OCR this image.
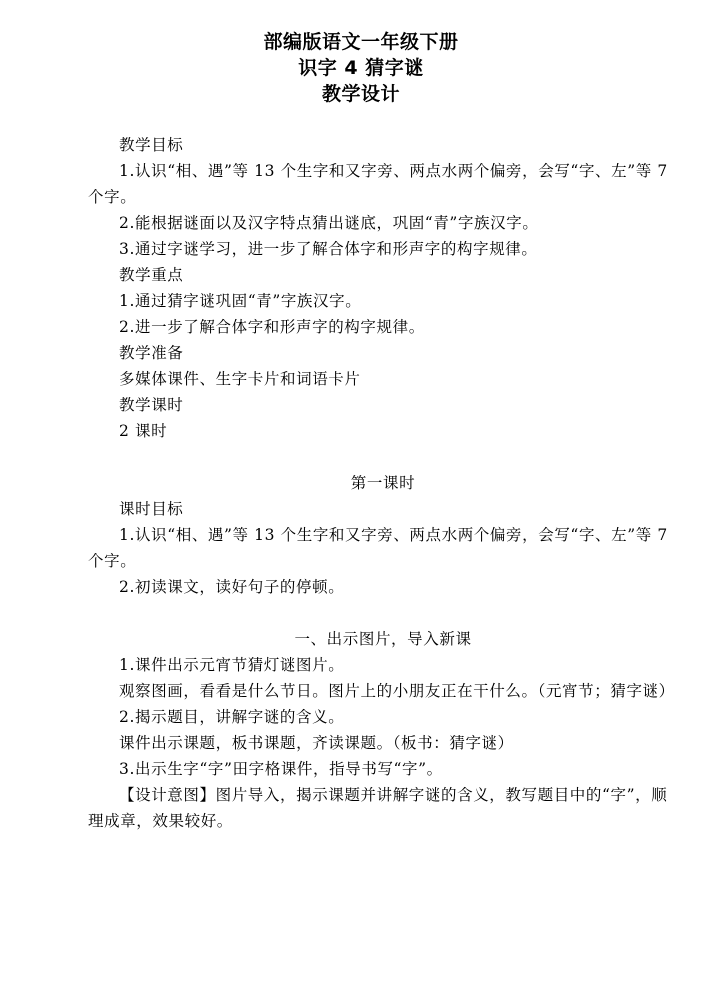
部编版语文一年级下册
识字 4 猜字谜
教学设计

教学目标

1.认识“相、遇”等 13 个生字和又字旁、两点水两个偏旁，会写“字、左”等 7个字。

2.能根据谜面以及汉字特点猜出谜底，巩固“青”字族汉字。

3.通过字谜学习，进一步了解合体字和形声字的构字规律。

教学重点

1.通过猜字谜巩固“青”字族汉字。

2.进一步了解合体字和形声字的构字规律。

教学准备

多媒体课件、生字卡片和词语卡片

教学课时

2 课时

第一课时

课时目标

1.认识“相、遇”等 13 个生字和又字旁、两点水两个偏旁，会写“字、左”等 7个字。

2.初读课文，读好句子的停顿。

一、出示图片，导入新课

1.课件出示元宵节猜灯谜图片。

观察图画，看看是什么节日。图片上的小朋友正在干什么。（元宵节；猜字谜）

2.揭示题目，讲解字谜的含义。

课件出示课题，板书课题，齐读课题。（板书：猜字谜）

3.出示生字“字”田字格课件，指导书写“字”。

【设计意图】图片导入，揭示课题并讲解字谜的含义，教写题目中的“字”，顺理成章，效果较好。
